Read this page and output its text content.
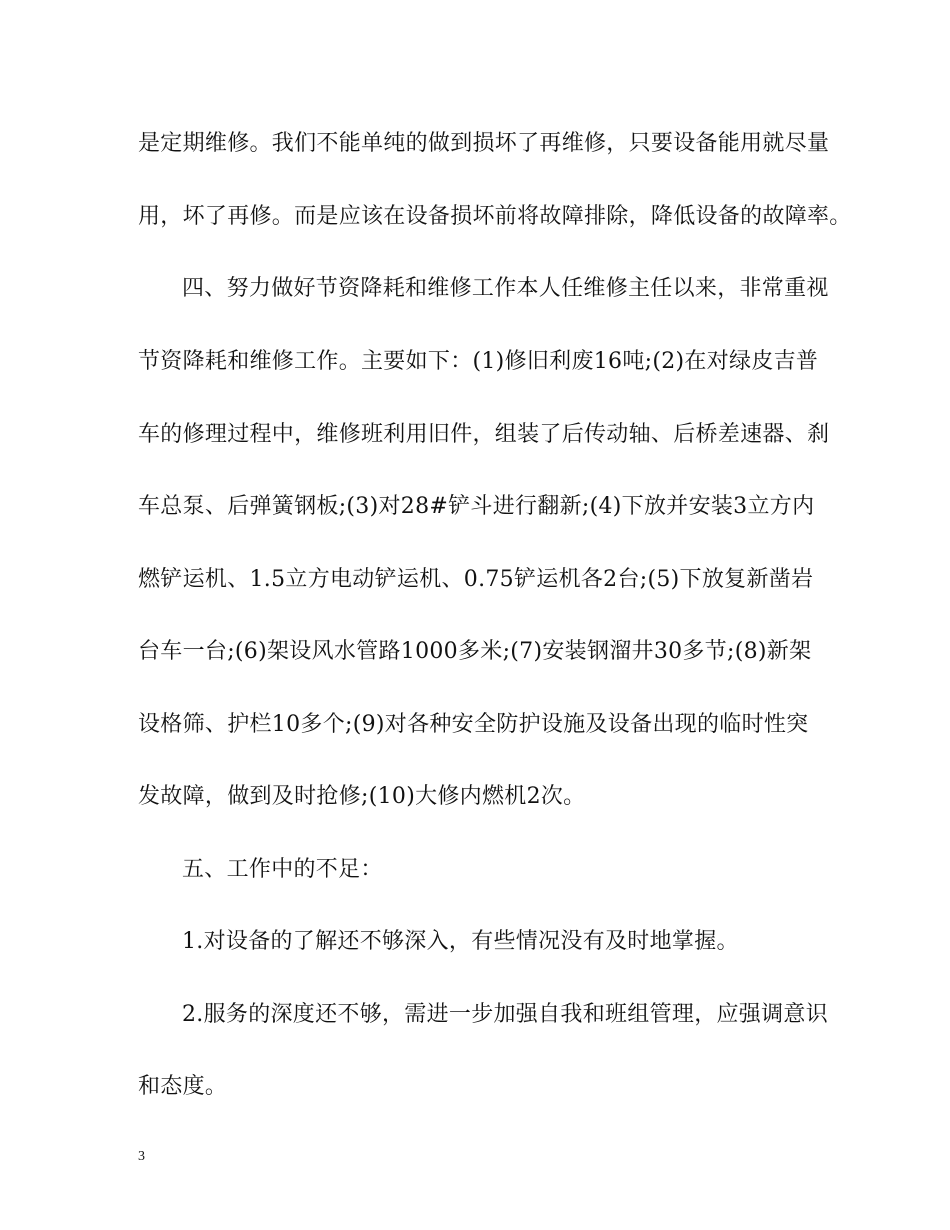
是定期维修。我们不能单纯的做到损坏了再维修，只要设备能用就尽量
用，坏了再修。而是应该在设备损坏前将故障排除，降低设备的故障率。
四、努力做好节资降耗和维修工作本人任维修主任以来，非常重视
节资降耗和维修工作。主要如下：(1)修旧利废16吨;(2)在对绿皮吉普
车的修理过程中，维修班利用旧件，组装了后传动轴、后桥差速器、刹
车总泵、后弹簧钢板;(3)对28#铲斗进行翻新;(4)下放并安装3立方内
燃铲运机、1.5立方电动铲运机、0.75铲运机各2台;(5)下放复新凿岩
台车一台;(6)架设风水管路1000多米;(7)安装钢溜井30多节;(8)新架
设格筛、护栏10多个;(9)对各种安全防护设施及设备出现的临时性突
发故障，做到及时抢修;(10)大修内燃机2次。
五、工作中的不足：
1.对设备的了解还不够深入，有些情况没有及时地掌握。
2.服务的深度还不够，需进一步加强自我和班组管理，应强调意识
和态度。
3
